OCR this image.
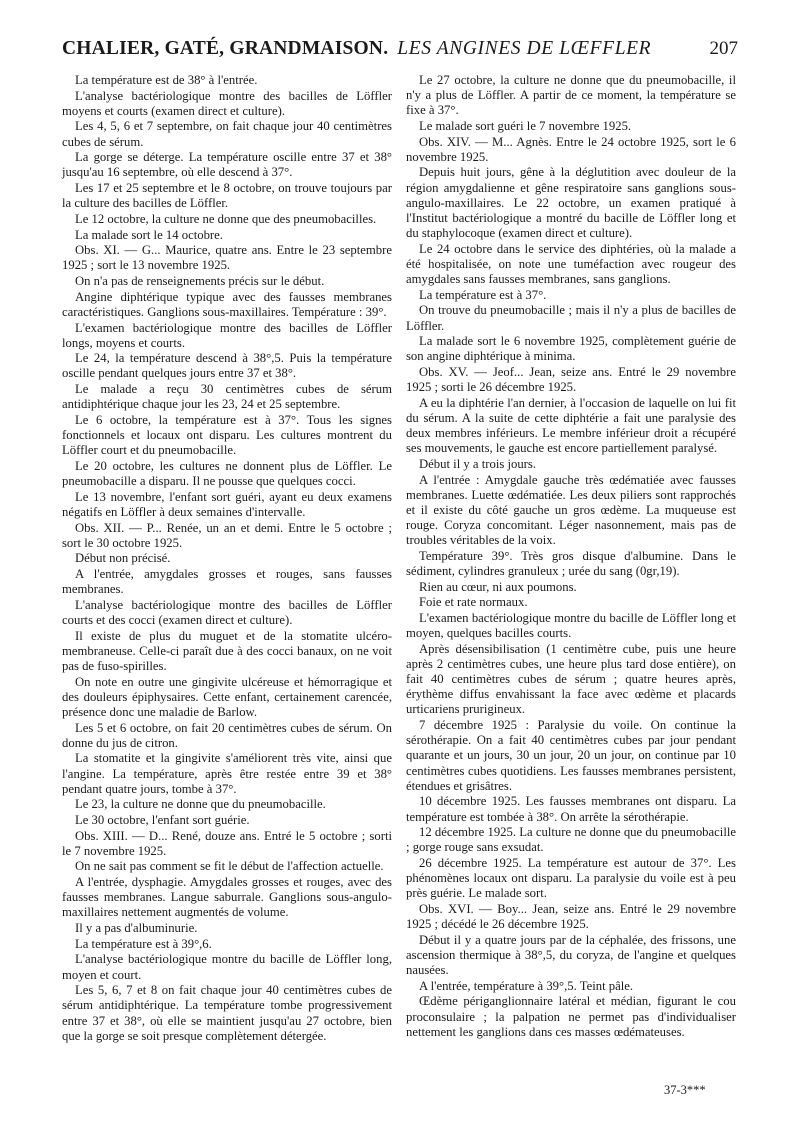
CHALIER, GATÉ, GRANDMAISON. LES ANGINES DE LŒFFLER	207

La température est de 38° à l'entrée.

L'analyse bactériologique montre des bacilles de Löffler moyens et courts (examen direct et culture).

Les 4, 5, 6 et 7 septembre, on fait chaque jour 40 centimètres cubes de sérum.

La gorge se déterge. La température oscille entre 37 et 38° jusqu'au 16 septembre, où elle descend à 37°.

Les 17 et 25 septembre et le 8 octobre, on trouve toujours par la culture des bacilles de Löffler.

Le 12 octobre, la culture ne donne que des pneumobacilles.

La malade sort le 14 octobre.

Obs. XI. — G... Maurice, quatre ans. Entre le 23 septembre 1925 ; sort le 13 novembre 1925.

On n'a pas de renseignements précis sur le début.

Angine diphtérique typique avec des fausses membranes caractéristiques. Ganglions sous-maxillaires. Température : 39°.

L'examen bactériologique montre des bacilles de Löffler longs, moyens et courts.

Le 24, la température descend à 38°,5. Puis la température oscille pendant quelques jours entre 37 et 38°.

Le malade a reçu 30 centimètres cubes de sérum antidiphtérique chaque jour les 23, 24 et 25 septembre.

Le 6 octobre, la température est à 37°. Tous les signes fonctionnels et locaux ont disparu. Les cultures montrent du Löffler court et du pneumobacille.

Le 20 octobre, les cultures ne donnent plus de Löffler. Le pneumobacille a disparu. Il ne pousse que quelques cocci.

Le 13 novembre, l'enfant sort guéri, ayant eu deux examens négatifs en Löffler à deux semaines d'intervalle.

Obs. XII. — P... Renée, un an et demi. Entre le 5 octobre ; sort le 30 octobre 1925.

Début non précisé.

A l'entrée, amygdales grosses et rouges, sans fausses membranes.

L'analyse bactériologique montre des bacilles de Löffler courts et des cocci (examen direct et culture).

Il existe de plus du muguet et de la stomatite ulcéro-membraneuse. Celle-ci paraît due à des cocci banaux, on ne voit pas de fuso-spirilles.

On note en outre une gingivite ulcéreuse et hémorragique et des douleurs épiphysaires. Cette enfant, certainement carencée, présence donc une maladie de Barlow.

Les 5 et 6 octobre, on fait 20 centimètres cubes de sérum. On donne du jus de citron.

La stomatite et la gingivite s'améliorent très vite, ainsi que l'angine. La température, après être restée entre 39 et 38° pendant quatre jours, tombe à 37°.

Le 23, la culture ne donne que du pneumobacille.

Le 30 octobre, l'enfant sort guérie.

Obs. XIII. — D... René, douze ans. Entré le 5 octobre ; sorti le 7 novembre 1925.

On ne sait pas comment se fit le début de l'affection actuelle.

A l'entrée, dysphagie. Amygdales grosses et rouges, avec des fausses membranes. Langue saburrale. Ganglions sous-angulo-maxillaires nettement augmentés de volume.

Il y a pas d'albuminurie.

La température est à 39°,6.

L'analyse bactériologique montre du bacille de Löffler long, moyen et court.

Les 5, 6, 7 et 8 on fait chaque jour 40 centimètres cubes de sérum antidiphtérique. La température tombe progressivement entre 37 et 38°, où elle se maintient jusqu'au 27 octobre, bien que la gorge se soit presque complètement détergée.

Le 27 octobre, la culture ne donne que du pneumobacille, il n'y a plus de Löffler. A partir de ce moment, la température se fixe à 37°.

Le malade sort guéri le 7 novembre 1925.

Obs. XIV. — M... Agnès. Entre le 24 octobre 1925, sort le 6 novembre 1925.

Depuis huit jours, gêne à la déglutition avec douleur de la région amygdalienne et gêne respiratoire sans ganglions sous-angulo-maxillaires. Le 22 octobre, un examen pratiqué à l'Institut bactériologique a montré du bacille de Löffler long et du staphylocoque (examen direct et culture).

Le 24 octobre dans le service des diphtéries, où la malade a été hospitalisée, on note une tuméfaction avec rougeur des amygdales sans fausses membranes, sans ganglions.

La température est à 37°.

On trouve du pneumobacille ; mais il n'y a plus de bacilles de Löffler.

La malade sort le 6 novembre 1925, complètement guérie de son angine diphtérique à minima.

Obs. XV. — Jeof... Jean, seize ans. Entré le 29 novembre 1925 ; sorti le 26 décembre 1925.

A eu la diphtérie l'an dernier, à l'occasion de laquelle on lui fit du sérum. A la suite de cette diphtérie a fait une paralysie des deux membres inférieurs. Le membre inférieur droit a récupéré ses mouvements, le gauche est encore partiellement paralysé.

Début il y a trois jours.

A l'entrée : Amygdale gauche très œdématiée avec fausses membranes. Luette œdématiée. Les deux piliers sont rapprochés et il existe du côté gauche un gros œdème. La muqueuse est rouge. Coryza concomitant. Léger nasonnement, mais pas de troubles véritables de la voix.

Température 39°. Très gros disque d'albumine. Dans le sédiment, cylindres granuleux ; urée du sang (0gr,19).

Rien au cœur, ni aux poumons.

Foie et rate normaux.

L'examen bactériologique montre du bacille de Löffler long et moyen, quelques bacilles courts.

Après désensibilisation (1 centimètre cube, puis une heure après 2 centimètres cubes, une heure plus tard dose entière), on fait 40 centimètres cubes de sérum ; quatre heures après, érythème diffus envahissant la face avec œdème et placards urticariens prurigineux.

7 décembre 1925 : Paralysie du voile. On continue la sérothérapie. On a fait 40 centimètres cubes par jour pendant quarante et un jours, 30 un jour, 20 un jour, on continue par 10 centimètres cubes quotidiens. Les fausses membranes persistent, étendues et grisâtres.

10 décembre 1925. Les fausses membranes ont disparu. La température est tombée à 38°. On arrête la sérothérapie.

12 décembre 1925. La culture ne donne que du pneumobacille ; gorge rouge sans exsudat.

26 décembre 1925. La température est autour de 37°. Les phénomènes locaux ont disparu. La paralysie du voile est à peu près guérie. Le malade sort.

Obs. XVI. — Boy... Jean, seize ans. Entré le 29 novembre 1925 ; décédé le 26 décembre 1925.

Début il y a quatre jours par de la céphalée, des frissons, une ascension thermique à 38°,5, du coryza, de l'angine et quelques nausées.

A l'entrée, température à 39°,5. Teint pâle.

Œdème périganglionnaire latéral et médian, figurant le cou proconsulaire ; la palpation ne permet pas d'individualiser nettement les ganglions dans ces masses œdémateuses.

37-3***
